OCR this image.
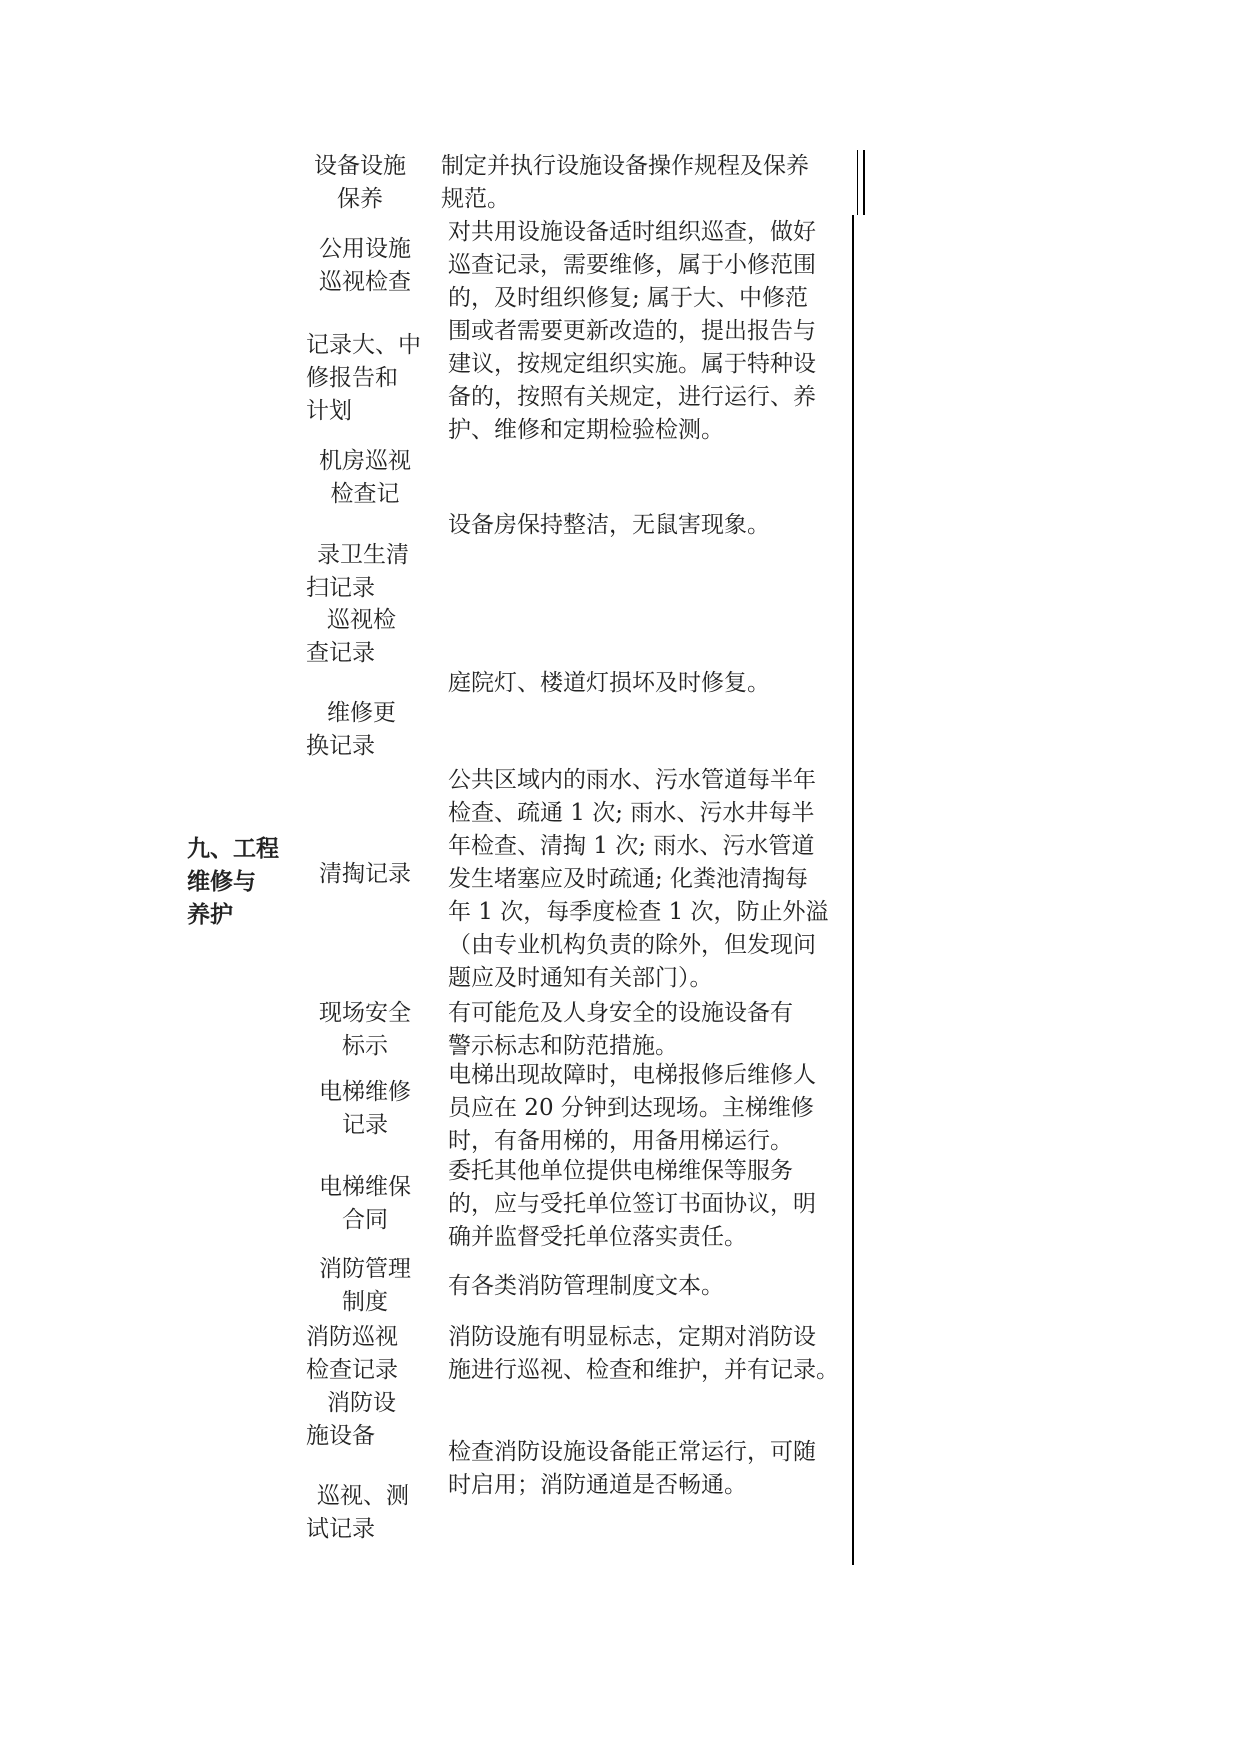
九、工程
维修与
养护
设备设施
保养
制定并执行设施设备操作规程及保养
规范。
公用设施
巡视检查
对共用设施设备适时组织巡查，做好
巡查记录，需要维修，属于小修范围
的，及时组织修复; 属于大、中修范
围或者需要更新改造的，提出报告与
建议，按规定组织实施。属于特种设
备的，按照有关规定，进行运行、养
护、维修和定期检验检测。
记录大、中
修报告和
计划
机房巡视
检查记
录卫生清
扫记录
设备房保持整洁，无鼠害现象。
巡视检
查记录
维修更
换记录
庭院灯、楼道灯损坏及时修复。
清掏记录
公共区域内的雨水、污水管道每半年
检查、疏通 1 次; 雨水、污水井每半
年检查、清掏 1 次; 雨水、污水管道
发生堵塞应及时疏通; 化粪池清掏每
年 1 次，每季度检查 1 次，防止外溢
（由专业机构负责的除外，但发现问
题应及时通知有关部门）。
现场安全
标示
有可能危及人身安全的设施设备有
警示标志和防范措施。
电梯维修
记录
电梯出现故障时，电梯报修后维修人
员应在 20 分钟到达现场。主梯维修
时，有备用梯的，用备用梯运行。
电梯维保
合同
委托其他单位提供电梯维保等服务
的，应与受托单位签订书面协议，明
确并监督受托单位落实责任。
消防管理
制度
有各类消防管理制度文本。
消防巡视
检查记录
消防设施有明显标志，定期对消防设
施进行巡视、检查和维护，并有记录。
消防设
施设备
巡视、测
试记录
检查消防设施设备能正常运行，可随
时启用；消防通道是否畅通。
